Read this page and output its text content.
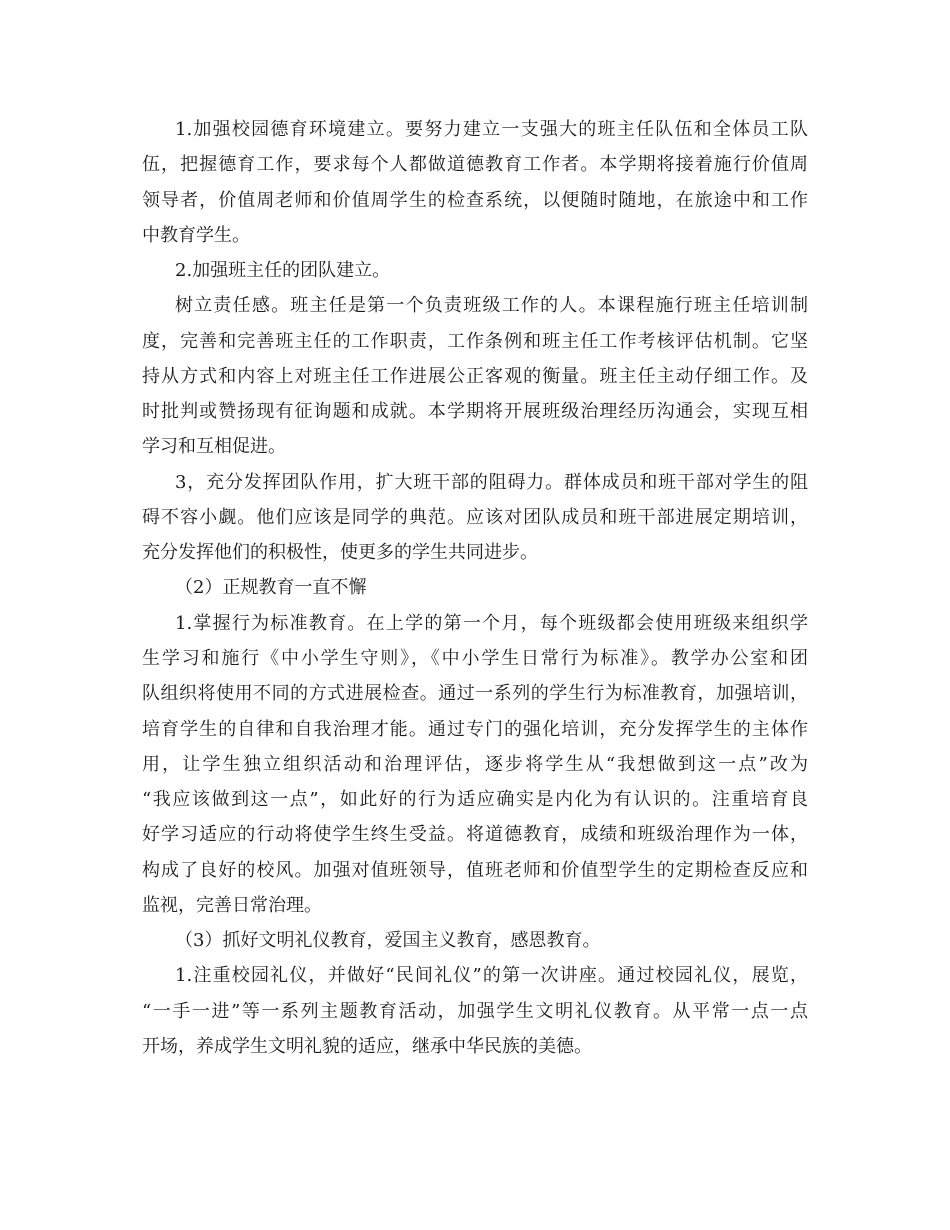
1.加强校园德育环境建立。要努力建立一支强大的班主任队伍和全体员工队
伍，把握德育工作，要求每个人都做道德教育工作者。本学期将接着施行价值周
领导者，价值周老师和价值周学生的检查系统，以便随时随地，在旅途中和工作
中教育学生。
2.加强班主任的团队建立。
树立责任感。班主任是第一个负责班级工作的人。本课程施行班主任培训制
度，完善和完善班主任的工作职责，工作条例和班主任工作考核评估机制。它坚
持从方式和内容上对班主任工作进展公正客观的衡量。班主任主动仔细工作。及
时批判或赞扬现有征询题和成就。本学期将开展班级治理经历沟通会，实现互相
学习和互相促进。
3，充分发挥团队作用，扩大班干部的阻碍力。群体成员和班干部对学生的阻
碍不容小觑。他们应该是同学的典范。应该对团队成员和班干部进展定期培训，
充分发挥他们的积极性，使更多的学生共同进步。
（2）正规教育一直不懈
1.掌握行为标准教育。在上学的第一个月，每个班级都会使用班级来组织学
生学习和施行《中小学生守则》，《中小学生日常行为标准》。教学办公室和团
队组织将使用不同的方式进展检查。通过一系列的学生行为标准教育，加强培训，
培育学生的自律和自我治理才能。通过专门的强化培训，充分发挥学生的主体作
用，让学生独立组织活动和治理评估，逐步将学生从“我想做到这一点”改为
“我应该做到这一点”，如此好的行为适应确实是内化为有认识的。注重培育良
好学习适应的行动将使学生终生受益。将道德教育，成绩和班级治理作为一体，
构成了良好的校风。加强对值班领导，值班老师和价值型学生的定期检查反应和
监视，完善日常治理。
（3）抓好文明礼仪教育，爱国主义教育，感恩教育。
1.注重校园礼仪，并做好“民间礼仪”的第一次讲座。通过校园礼仪，展览，
“一手一进”等一系列主题教育活动，加强学生文明礼仪教育。从平常一点一点
开场，养成学生文明礼貌的适应，继承中华民族的美德。
